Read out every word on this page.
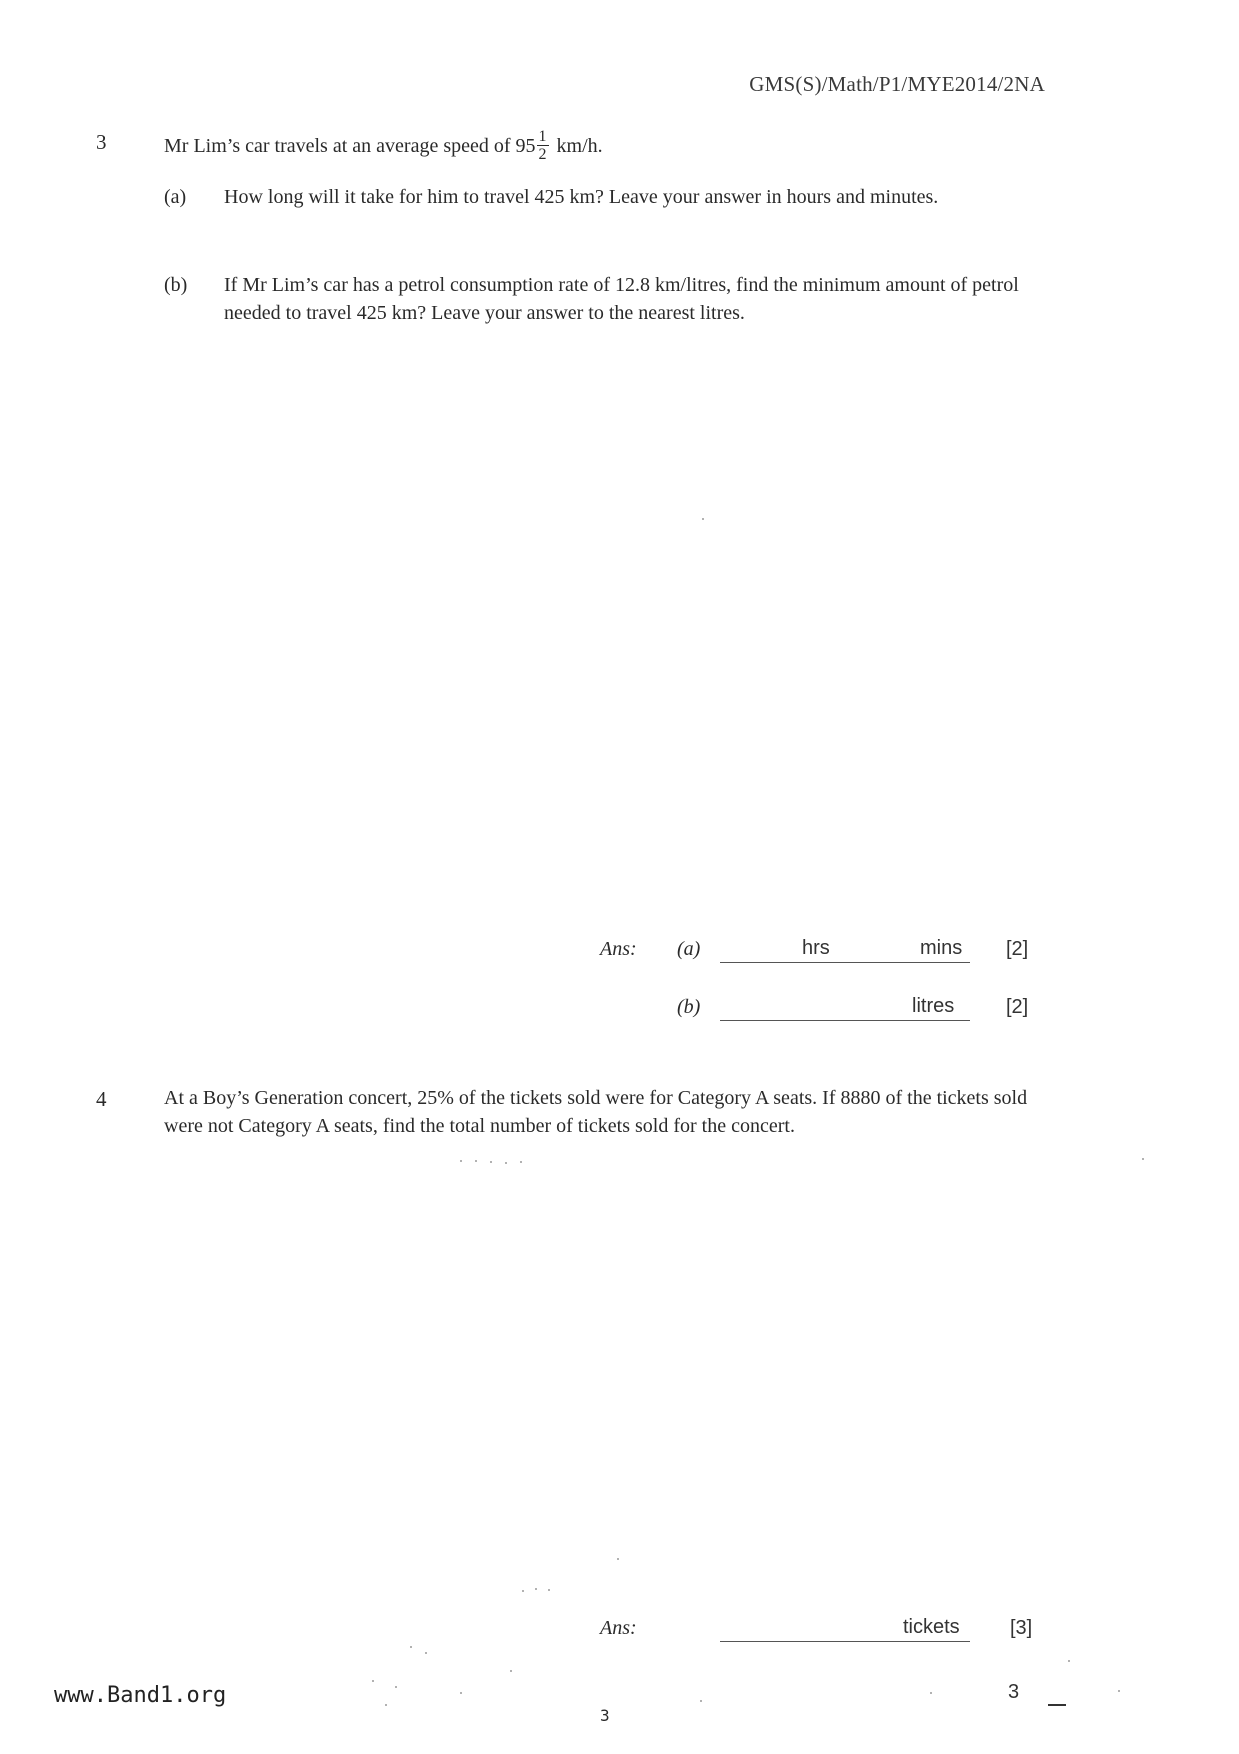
GMS(S)/Math/P1/MYE2014/2NA
3	Mr Lim’s car travels at an average speed of $95 \frac{1}{2} km/h$.
(a) How long will it take for him to travel 425 km? Leave your answer in hours and minutes.
(b) If Mr Lim’s car has a petrol consumption rate of 12.8 km/litres, find the minimum amount of petrol needed to travel 425 km? Leave your answer to the nearest litres.
Ans: (a)	hrs	mins [2]
(b)	litres	[2]
4	At a Boy’s Generation concert, 25% of the tickets sold were for Category A seats. If 8880 of the tickets sold were not Category A seats, find the total number of tickets sold for the concert.
Ans:	tickets	[3]
www.Band1.org
3
3
